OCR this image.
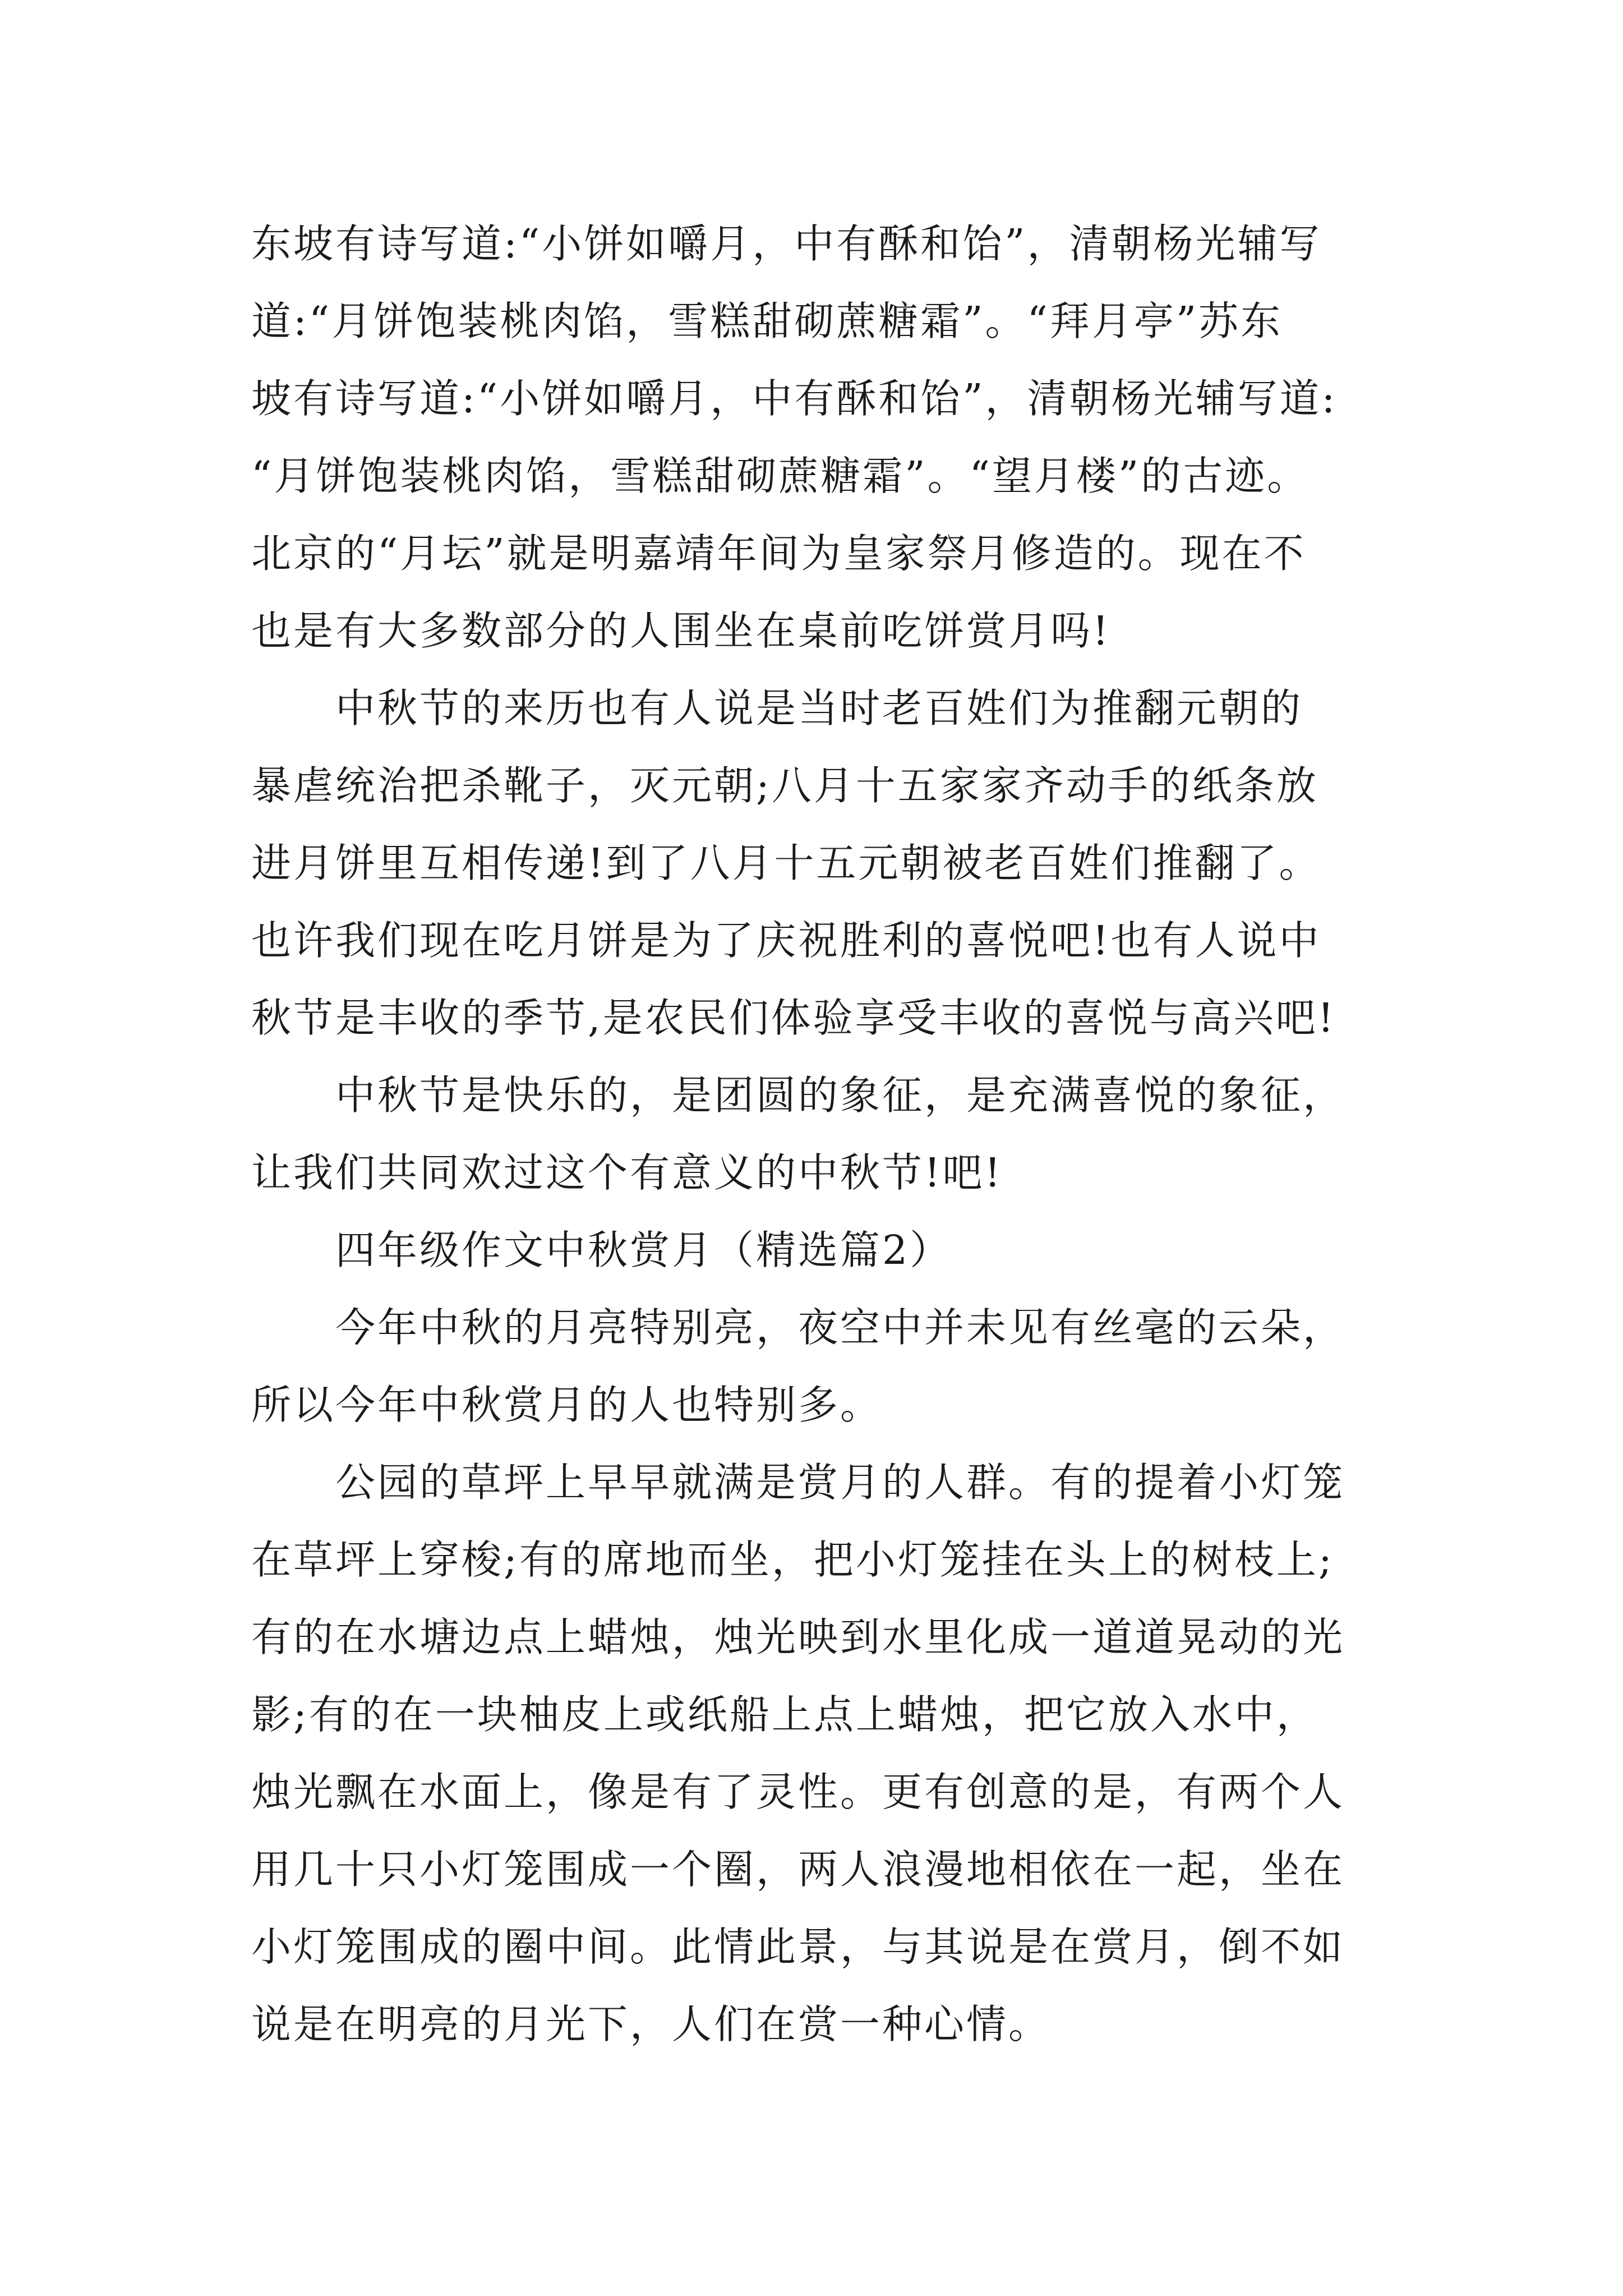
东坡有诗写道:“小饼如嚼月，中有酥和饴”，清朝杨光辅写
道:“月饼饱装桃肉馅，雪糕甜砌蔗糖霜”。“拜月亭”苏东
坡有诗写道:“小饼如嚼月，中有酥和饴”，清朝杨光辅写道:
“月饼饱装桃肉馅，雪糕甜砌蔗糖霜”。“望月楼”的古迹。
北京的“月坛”就是明嘉靖年间为皇家祭月修造的。现在不
也是有大多数部分的人围坐在桌前吃饼赏月吗!
中秋节的来历也有人说是当时老百姓们为推翻元朝的
暴虐统治把杀靴子，灭元朝;八月十五家家齐动手的纸条放
进月饼里互相传递!到了八月十五元朝被老百姓们推翻了。
也许我们现在吃月饼是为了庆祝胜利的喜悦吧!也有人说中
秋节是丰收的季节,是农民们体验享受丰收的喜悦与高兴吧!
中秋节是快乐的，是团圆的象征，是充满喜悦的象征，
让我们共同欢过这个有意义的中秋节!吧!
四年级作文中秋赏月（精选篇2）
今年中秋的月亮特别亮，夜空中并未见有丝毫的云朵，
所以今年中秋赏月的人也特别多。
公园的草坪上早早就满是赏月的人群。有的提着小灯笼
在草坪上穿梭;有的席地而坐，把小灯笼挂在头上的树枝上;
有的在水塘边点上蜡烛，烛光映到水里化成一道道晃动的光
影;有的在一块柚皮上或纸船上点上蜡烛，把它放入水中，
烛光飘在水面上，像是有了灵性。更有创意的是，有两个人
用几十只小灯笼围成一个圈，两人浪漫地相依在一起，坐在
小灯笼围成的圈中间。此情此景，与其说是在赏月，倒不如
说是在明亮的月光下，人们在赏一种心情。
